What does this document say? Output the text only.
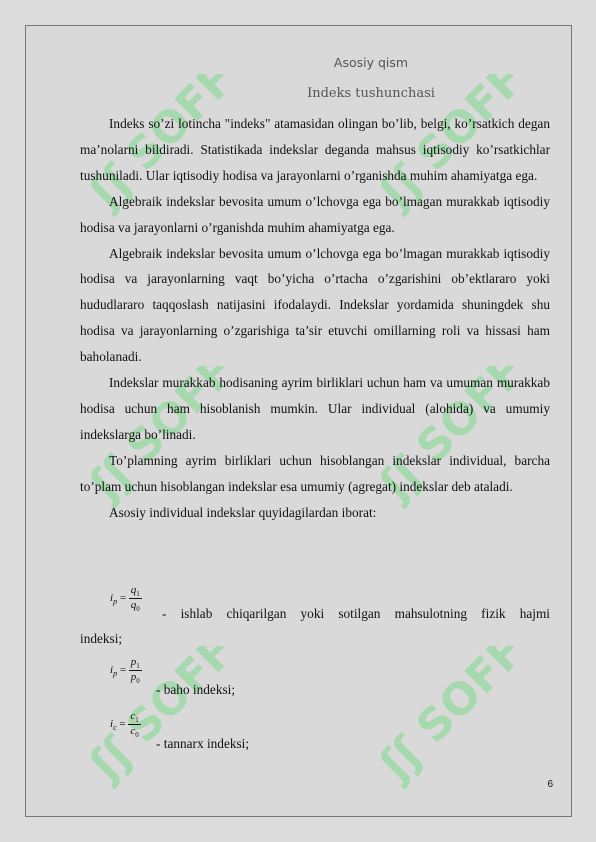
ʃʃ SOFF
ʃʃ SOFF
ʃʃ SOFF
ʃʃ SOFF
ʃʃ SOFF
ʃʃ SOFF
Asosiy qism
Indeks tushunchasi

Indeks so’zi lotincha "indeks" atamasidan olingan bo’lib, belgi, ko’rsatkich degan ma’nolarni bildiradi. Statistikada indekslar deganda mahsus iqtisodiy ko’rsatkichlar tushuniladi. Ular iqtisodiy hodisa va jarayonlarni o’rganishda muhim ahamiyatga ega.

Algebraik indekslar bevosita umum o’lchovga ega bo’lmagan murakkab iqtisodiy hodisa va jarayonlarni o’rganishda muhim ahamiyatga ega.

Algebraik indekslar bevosita umum o’lchovga ega bo’lmagan murakkab iqtisodiy hodisa va jarayonlarning vaqt bo’yicha o’rtacha o’zgarishini ob’ektlararo yoki hududlararo taqqoslash natijasini ifodalaydi. Indekslar yordamida shuningdek shu hodisa va jarayonlarning o’zgarishiga ta’sir etuvchi omillarning roli va hissasi ham baholanadi.

Indekslar murakkab hodisaning ayrim birliklari uchun ham va umuman murakkab hodisa uchun ham hisoblanish mumkin. Ular individual (alohida) va umumiy indekslarga bo’linadi.

To’plamning ayrim birliklari uchun hisoblangan indekslar individual, barcha to’plam uchun hisoblangan indekslar esa umumiy (agregat) indekslar deb ataladi.

Asosiy individual indekslar quyidagilardan iborat:

$i_p = \frac{q_1}{q_0}$
- ishlab chiqarilgan yoki sotilgan mahsulotning fizik hajmi
indeksi;
$i_p = \frac{p_1}{p_0}$
- baho indeksi;
$i_c = \frac{c_1}{c_0}$
- tannarx indeksi;
6
